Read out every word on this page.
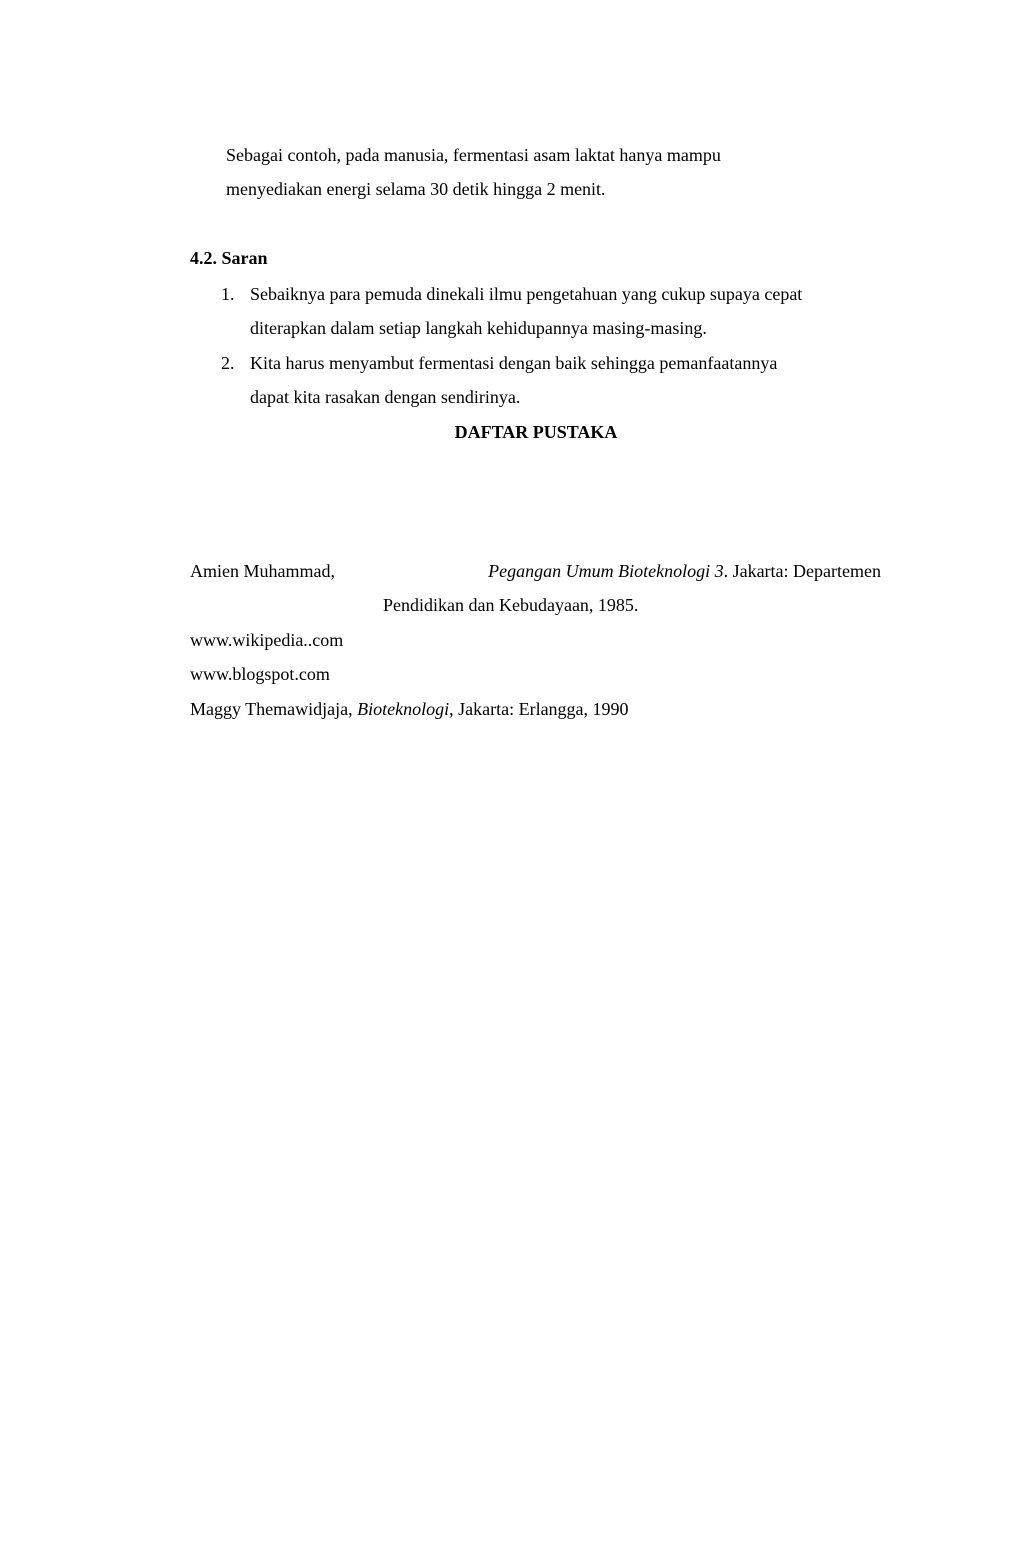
Sebagai contoh, pada manusia, fermentasi asam laktat hanya mampu
menyediakan energi selama 30 detik hingga 2 menit.
4.2. Saran
1. Sebaiknya para pemuda dinekali ilmu pengetahuan yang cukup supaya cepat
diterapkan dalam setiap langkah kehidupannya masing-masing.
2. Kita harus menyambut fermentasi dengan baik sehingga pemanfaatannya
dapat kita rasakan dengan sendirinya.
DAFTAR PUSTAKA
Amien Muhammad,	Pegangan Umum Bioteknologi 3. Jakarta: Departemen
Pendidikan dan Kebudayaan, 1985.
www.wikipedia..com
www.blogspot.com
Maggy Themawidjaja, Bioteknologi, Jakarta: Erlangga, 1990
